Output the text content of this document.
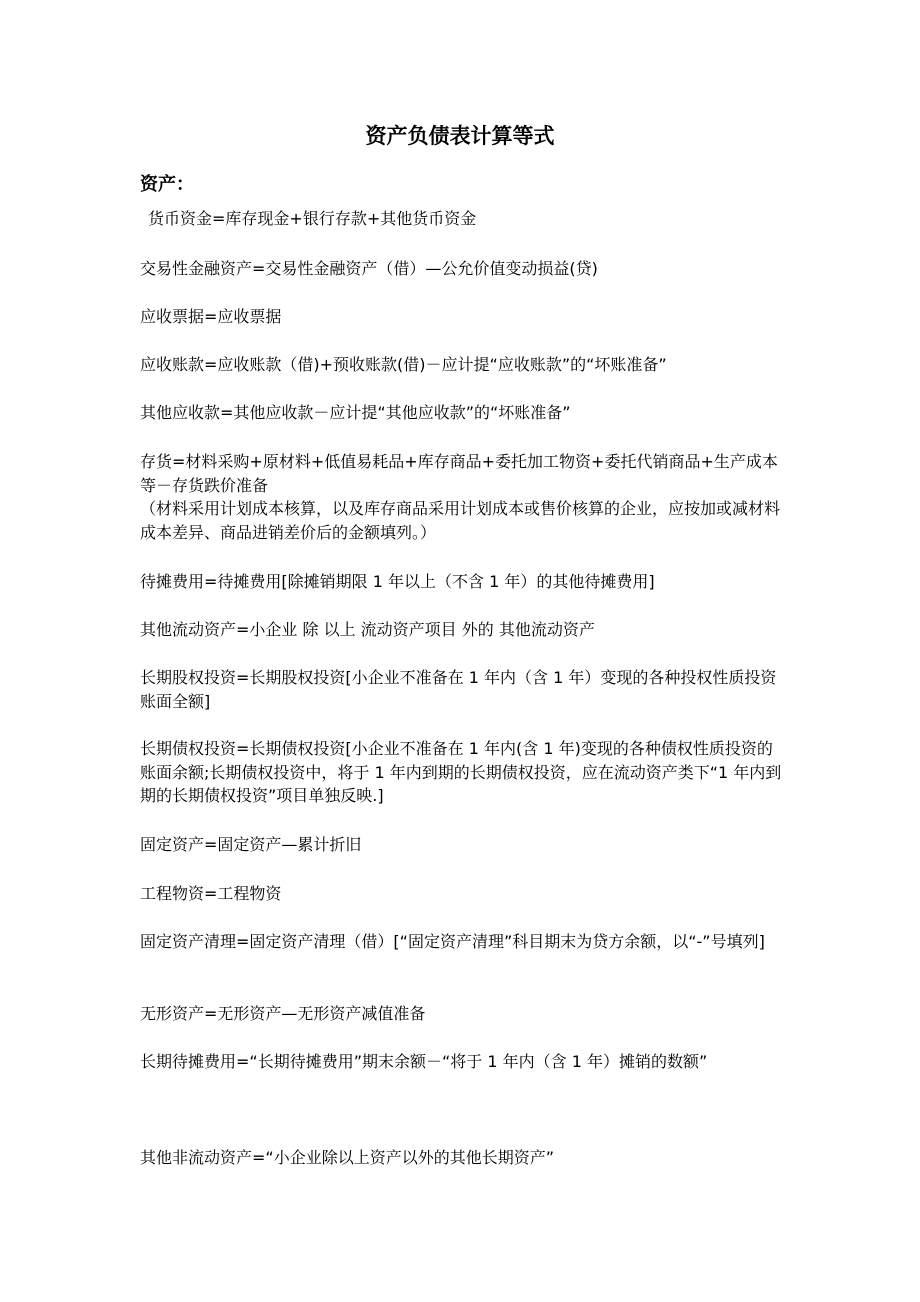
资产负债表计算等式
资产：
货币资金=库存现金+银行存款+其他货币资金
交易性金融资产=交易性金融资产（借）—公允价值变动损益(贷)
应收票据=应收票据
应收账款=应收账款（借)+预收账款(借)－应计提“应收账款”的“坏账准备”
其他应收款=其他应收款－应计提“其他应收款”的“坏账准备”
存货=材料采购+原材料+低值易耗品+库存商品+委托加工物资+委托代销商品+生产成本等－存货跌价准备
（材料采用计划成本核算，以及库存商品采用计划成本或售价核算的企业，应按加或减材料成本差异、商品进销差价后的金额填列。）
待摊费用=待摊费用[除摊销期限 1 年以上（不含 1 年）的其他待摊费用]
其他流动资产=小企业 除 以上 流动资产项目 外的 其他流动资产
长期股权投资=长期股权投资[小企业不准备在 1 年内（含 1 年）变现的各种投权性质投资账面全额]
长期债权投资=长期债权投资[小企业不准备在 1 年内(含 1 年)变现的各种债权性质投资的账面余额;长期债权投资中，将于 1 年内到期的长期债权投资，应在流动资产类下“1 年内到期的长期债权投资”项目单独反映.]
固定资产=固定资产—累计折旧
工程物资=工程物资
固定资产清理=固定资产清理（借）[“固定资产清理”科目期末为贷方余额，以“-”号填列]
无形资产=无形资产—无形资产减值准备
长期待摊费用=“长期待摊费用”期末余额－“将于 1 年内（含 1 年）摊销的数额”
其他非流动资产=“小企业除以上资产以外的其他长期资产”
